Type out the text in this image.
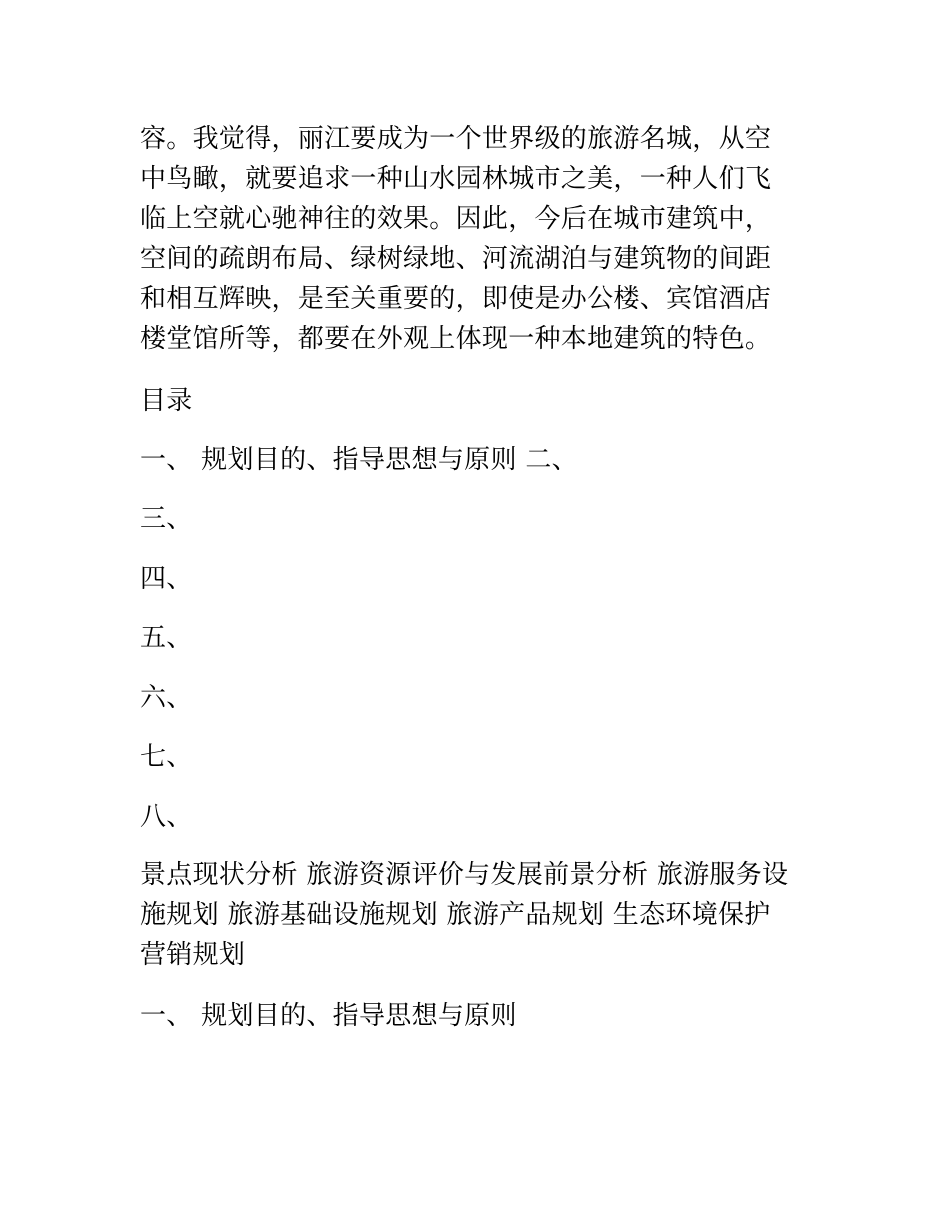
容。我觉得，丽江要成为一个世界级的旅游名城，从空
中鸟瞰，就要追求一种山水园林城市之美，一种人们飞
临上空就心驰神往的效果。因此，今后在城市建筑中，
空间的疏朗布局、绿树绿地、河流湖泊与建筑物的间距
和相互辉映，是至关重要的，即使是办公楼、宾馆酒店
楼堂馆所等，都要在外观上体现一种本地建筑的特色。
目录
一、 规划目的、指导思想与原则 二、
三、
四、
五、
六、
七、
八、
景点现状分析 旅游资源评价与发展前景分析 旅游服务设
施规划 旅游基础设施规划 旅游产品规划 生态环境保护
营销规划
一、 规划目的、指导思想与原则
